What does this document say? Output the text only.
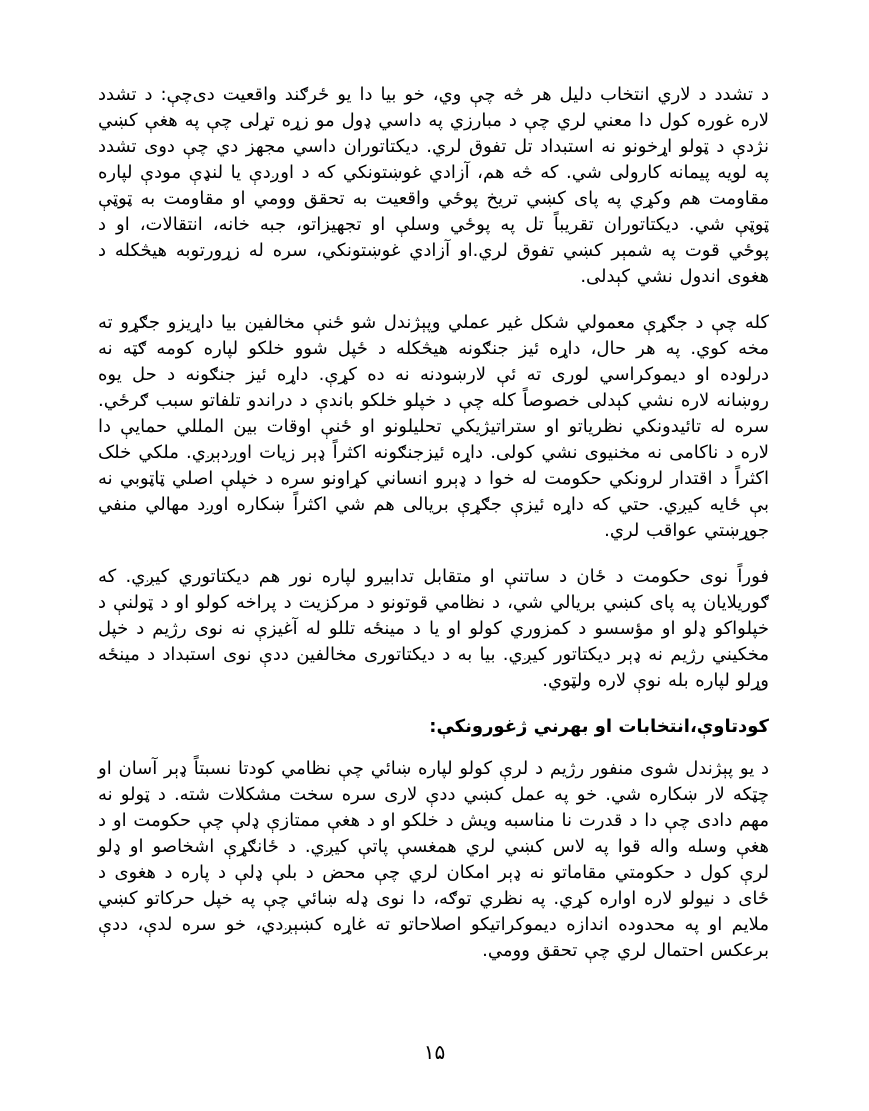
د تشدد د لاري انتخاب دليل هر څه چې وي، خو بيا دا يو ځرګند واقعيت دی‌چې: د تشدد لاره غوره کول دا معني لري چې د مبارزي په داسي ډول مو زړه تړلی چې په هغې کښي نژدې د ټولو اړخونو نه استبداد تل تفوق لري. ديکتاتوران داسي مجهز دي چې دوی تشدد په لويه پيمانه کارولی شي. که څه هم، آزادي غوښتونکي که د اوږدې يا لنډې مودې لپاره مقاومت هم وکړي په پای کښي تريخ پوځي واقعيت به تحقق وومي او مقاومت به ټوټې ټوټې شي. ديکتاتوران تقريباً تل په پوځي وسلې او تجهيزاتو، جبه خانه، انتقالات، او د پوځي قوت په شمېر کښي تفوق لري.او آزادي غوښتونکي، سره له زړورتوبه هيڅکله د هغوی اندول نشي کېدلی.

کله چې د جګړې معمولي شکل غير عملي وپېژندل شو ځنې مخالفين بيا داړيزو جګړو ته مخه کوي. په هر حال، داړه ئيز جنګونه هيڅکله د ځپل شوو خلکو لپاره کومه ګټه نه درلوده او ديموکراسي لوری ته ئې لارښودنه نه ده کړې. داړه ئيز جنګونه د حل يوه روښانه لاره نشي کېدلی خصوصاً کله چې د خپلو خلکو باندې د دراندو تلفاتو سبب ګرځي. سره له تائيدونکي نظرياتو او ستراتيژيکي تحليلونو او ځنې اوقات بين المللي حمايې دا لاره د ناکامی نه مخنيوی نشي کولی. داړه ئيزجنګونه اکثراً ډېر زيات اوږدېږي. ملکي خلک اکثراً د اقتدار لرونکي حکومت له خوا د ډېرو انساني کړاونو سره د خپلې اصلي ټاټوبي نه بې ځايه کيږي. حتي که داړه ئيزې جګړې بريالی هم شي اکثراً ښکاره اوږد مهالي منفي جوړښتي عواقب لري.

فوراً نوی حکومت د ځان د ساتنې او متقابل تدابيرو لپاره نور هم ديکتاتوري کيږي. که ګوريلايان په پای کښي بريالي شي، د نظامي قوتونو د مرکزيت د پراخه کولو او د ټولنې د خپلواکو ډلو او مؤسسو د کمزوري کولو او يا د مينځه تللو له آغيزې نه نوی رژيم د خپل مخکيني رژيم نه ډېر ديکتاتور کيږي. بيا به د ديکتاتوری مخالفين ددې نوی استبداد د مينځه وړلو لپاره بله نوې لاره ولټوي.

کودتاوې،انتخابات او بهرني ژغورونکې:

د يو پېژندل شوی منفور رژيم د لرې کولو لپاره ښائي چې نظامي کودتا نسبتاً ډېر آسان او چټکه لار ښکاره شي. خو په عمل کښي ددې لاری سره سخت مشکلات شته. د ټولو نه مهم دادی چې دا د قدرت نا مناسبه ويش د خلکو او د هغې ممتازې ډلې چې حکومت او د هغې وسله واله قوا په لاس کښي لري همغسې پاتې کيږي. د ځانګړې اشخاصو او ډلو لرې کول د حکومتي مقاماتو نه ډېر امکان لري چې محض د بلې ډلې د پاره د هغوی د ځای د نيولو لاره اواره کړي. په نظري توګه، دا نوی ډله ښائي چې په خپل حرکاتو کښي ملايم او په محدوده اندازه ديموکراتيکو اصلاحاتو ته غاړه کښېږدي، خو سره لدې، ددې برعکس احتمال لري چې تحقق وومي.

۱۵
